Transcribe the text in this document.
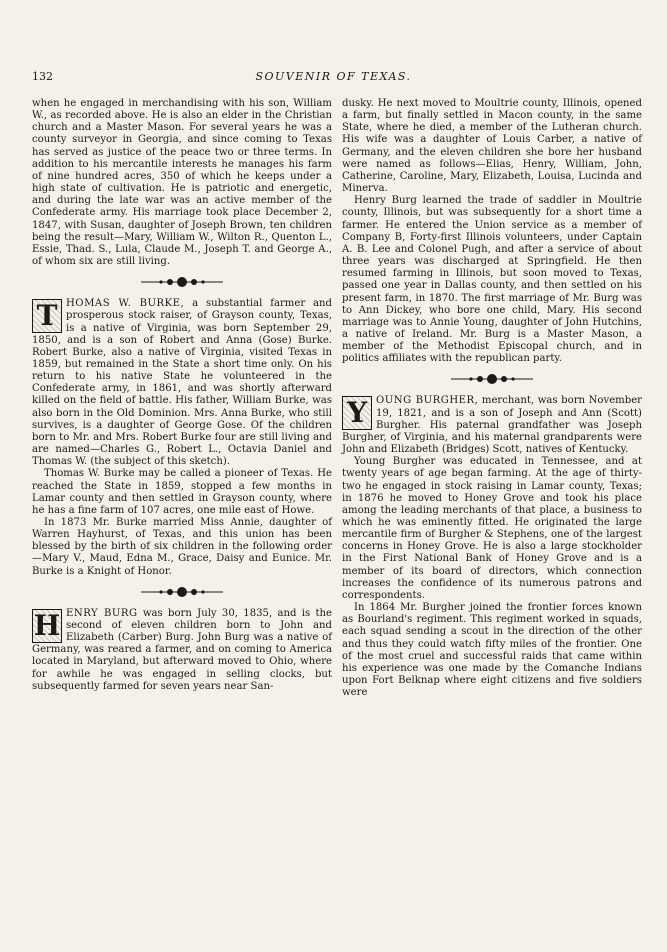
132	SOUVENIR OF TEXAS.

when he engaged in merchandising with his son, William W., as recorded above. He is also an elder in the Christian church and a Master Mason. For several years he was a county surveyor in Georgia, and since coming to Texas has served as justice of the peace two or three terms. In addition to his mercantile interests he manages his farm of nine hundred acres, 350 of which he keeps under a high state of cultivation. He is patriotic and energetic, and during the late war was an active member of the Confederate army. His marriage took place December 2, 1847, with Susan, daughter of Joseph Brown, ten children being the result—Mary, William W., Wilton R., Quenton L., Essie, Thad. S., Lula, Claude M., Joseph T. and George A., of whom six are still living.

T HOMAS W. BURKE, a substantial farmer and prosperous stock raiser, of Grayson county, Texas, is a native of Virginia, was born September 29, 1850, and is a son of Robert and Anna (Gose) Burke. Robert Burke, also a native of Virginia, visited Texas in 1859, but remained in the State a short time only. On his return to his native State he volunteered in the Confederate army, in 1861, and was shortly afterward killed on the field of battle. His father, William Burke, was also born in the Old Dominion. Mrs. Anna Burke, who still survives, is a daughter of George Gose. Of the children born to Mr. and Mrs. Robert Burke four are still living and are named—Charles G., Robert L., Octavia Daniel and Thomas W. (the subject of this sketch).

Thomas W. Burke may be called a pioneer of Texas. He reached the State in 1859, stopped a few months in Lamar county and then settled in Grayson county, where he has a fine farm of 107 acres, one mile east of Howe.

In 1873 Mr. Burke married Miss Annie, daughter of Warren Hayhurst, of Texas, and this union has been blessed by the birth of six children in the following order—Mary V., Maud, Edna M., Grace, Daisy and Eunice. Mr. Burke is a Knight of Honor.

H ENRY BURG was born July 30, 1835, and is the second of eleven children born to John and Elizabeth (Carber) Burg. John Burg was a native of Germany, was reared a farmer, and on coming to America located in Maryland, but afterward moved to Ohio, where for awhile he was engaged in selling clocks, but subsequently farmed for seven years near San-

dusky. He next moved to Moultrie county, Illinois, opened a farm, but finally settled in Macon county, in the same State, where he died, a member of the Lutheran church. His wife was a daughter of Louis Carber, a native of Germany, and the eleven children she bore her husband were named as follows—Elias, Henry, William, John, Catherine, Caroline, Mary, Elizabeth, Louisa, Lucinda and Minerva.

Henry Burg learned the trade of saddler in Moultrie county, Illinois, but was subsequently for a short time a farmer. He entered the Union service as a member of Company B, Forty-first Illinois volunteers, under Captain A. B. Lee and Colonel Pugh, and after a service of about three years was discharged at Springfield. He then resumed farming in Illinois, but soon moved to Texas, passed one year in Dallas county, and then settled on his present farm, in 1870. The first marriage of Mr. Burg was to Ann Dickey, who bore one child, Mary. His second marriage was to Annie Young, daughter of John Hutchins, a native of Ireland. Mr. Burg is a Master Mason, a member of the Methodist Episcopal church, and in politics affiliates with the republican party.

Y OUNG BURGHER, merchant, was born November 19, 1821, and is a son of Joseph and Ann (Scott) Burgher. His paternal grandfather was Joseph Burgher, of Virginia, and his maternal grandparents were John and Elizabeth (Bridges) Scott, natives of Kentucky.

Young Burgher was educated in Tennessee, and at twenty years of age began farming. At the age of thirty-two he engaged in stock raising in Lamar county, Texas; in 1876 he moved to Honey Grove and took his place among the leading merchants of that place, a business to which he was eminently fitted. He originated the large mercantile firm of Burgher & Stephens, one of the largest concerns in Honey Grove. He is also a large stockholder in the First National Bank of Honey Grove and is a member of its board of directors, which connection increases the confidence of its numerous patrons and correspondents.

In 1864 Mr. Burgher joined the frontier forces known as Bourland's regiment. This regiment worked in squads, each squad sending a scout in the direction of the other and thus they could watch fifty miles of the frontier. One of the most cruel and successful raids that came within his experience was one made by the Comanche Indians upon Fort Belknap where eight citizens and five soldiers were
